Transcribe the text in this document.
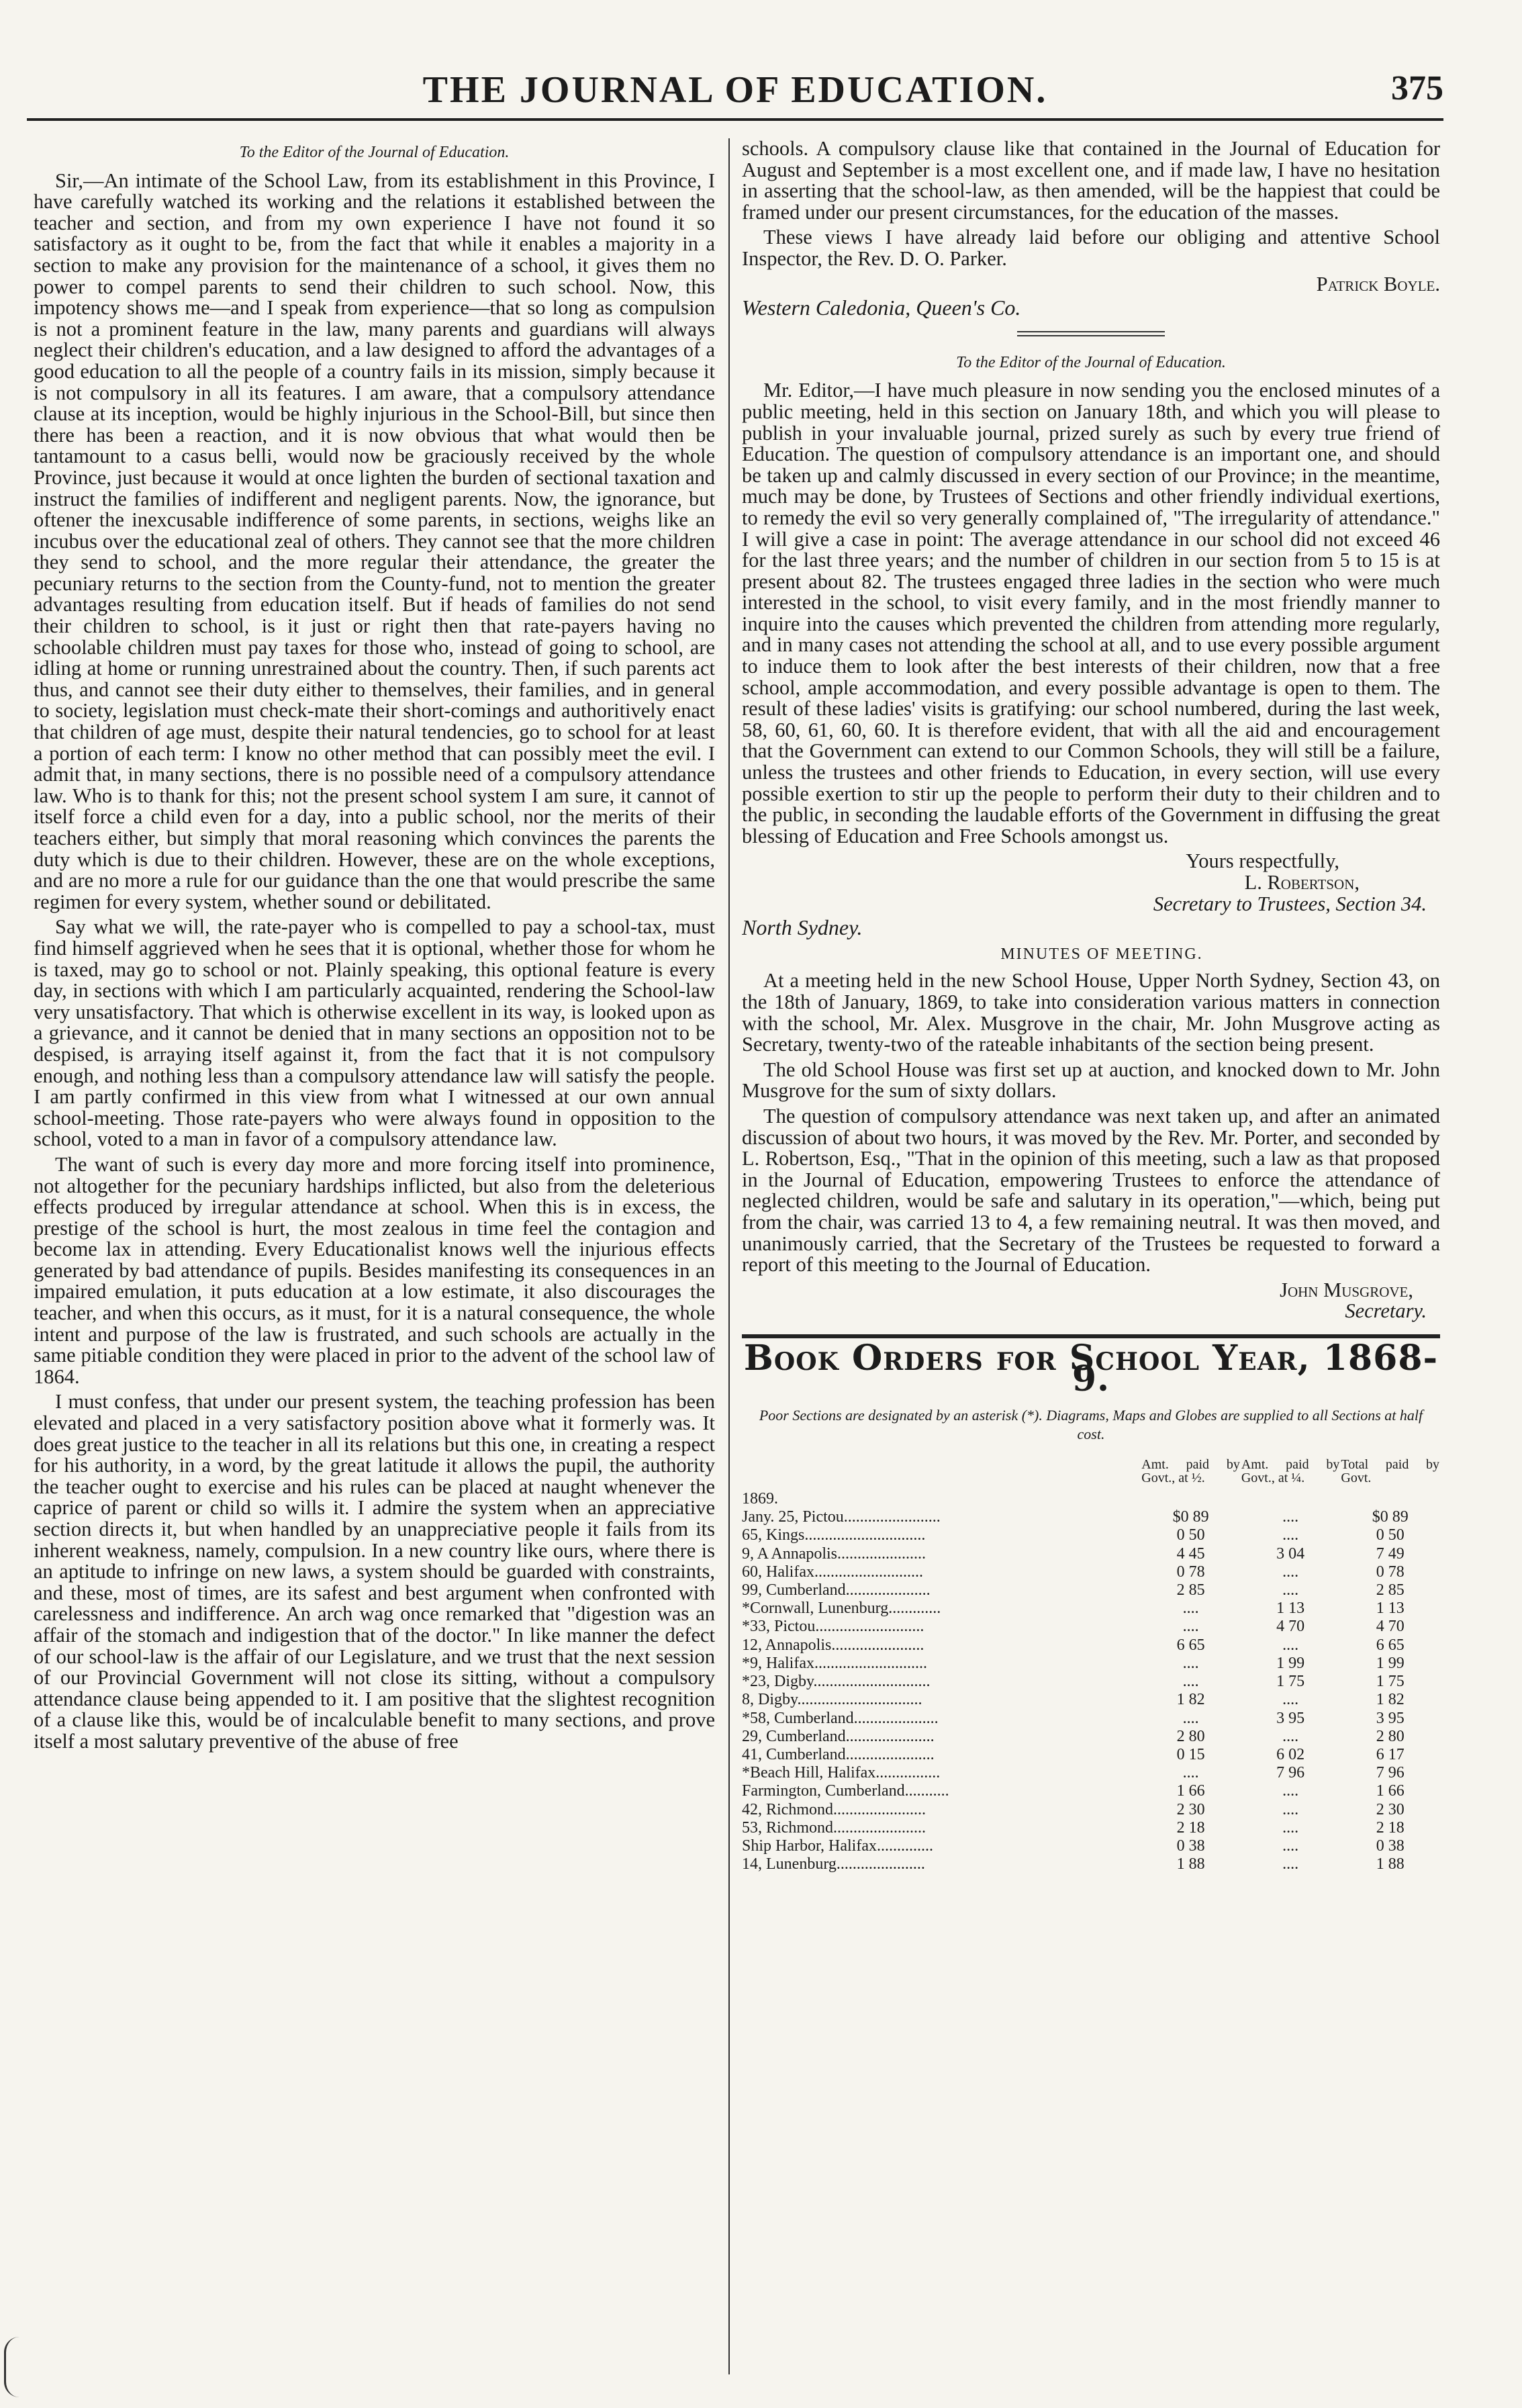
THE JOURNAL OF EDUCATION.	375

To the Editor of the Journal of Education.

Sir,—An intimate of the School Law, from its establishment in this Province, I have carefully watched its working and the relations it established between the teacher and section, and from my own experience I have not found it so satisfactory as it ought to be, from the fact that while it enables a majority in a section to make any provision for the maintenance of a school, it gives them no power to compel parents to send their children to such school. Now, this impotency shows me—and I speak from experience—that so long as compulsion is not a prominent feature in the law, many parents and guardians will always neglect their children's education, and a law designed to afford the advantages of a good education to all the people of a country fails in its mission, simply because it is not compulsory in all its features. I am aware, that a compulsory attendance clause at its inception, would be highly injurious in the School-Bill, but since then there has been a reaction, and it is now obvious that what would then be tantamount to a casus belli, would now be graciously received by the whole Province, just because it would at once lighten the burden of sectional taxation and instruct the families of indifferent and negligent parents. Now, the ignorance, but oftener the inexcusable indifference of some parents, in sections, weighs like an incubus over the educational zeal of others. They cannot see that the more children they send to school, and the more regular their attendance, the greater the pecuniary returns to the section from the County-fund, not to mention the greater advantages resulting from education itself. But if heads of families do not send their children to school, is it just or right then that rate-payers having no schoolable children must pay taxes for those who, instead of going to school, are idling at home or running unrestrained about the country. Then, if such parents act thus, and cannot see their duty either to themselves, their families, and in general to society, legislation must check-mate their short-comings and authoritively enact that children of age must, despite their natural tendencies, go to school for at least a portion of each term: I know no other method that can possibly meet the evil. I admit that, in many sections, there is no possible need of a compulsory attendance law. Who is to thank for this; not the present school system I am sure, it cannot of itself force a child even for a day, into a public school, nor the merits of their teachers either, but simply that moral reasoning which convinces the parents the duty which is due to their children. However, these are on the whole exceptions, and are no more a rule for our guidance than the one that would prescribe the same regimen for every system, whether sound or debilitated.

Say what we will, the rate-payer who is compelled to pay a school-tax, must find himself aggrieved when he sees that it is optional, whether those for whom he is taxed, may go to school or not. Plainly speaking, this optional feature is every day, in sections with which I am particularly acquainted, rendering the School-law very unsatisfactory. That which is otherwise excellent in its way, is looked upon as a grievance, and it cannot be denied that in many sections an opposition not to be despised, is arraying itself against it, from the fact that it is not compulsory enough, and nothing less than a compulsory attendance law will satisfy the people. I am partly confirmed in this view from what I witnessed at our own annual school-meeting. Those rate-payers who were always found in opposition to the school, voted to a man in favor of a compulsory attendance law.

The want of such is every day more and more forcing itself into prominence, not altogether for the pecuniary hardships inflicted, but also from the deleterious effects produced by irregular attendance at school. When this is in excess, the prestige of the school is hurt, the most zealous in time feel the contagion and become lax in attending. Every Educationalist knows well the injurious effects generated by bad attendance of pupils. Besides manifesting its consequences in an impaired emulation, it puts education at a low estimate, it also discourages the teacher, and when this occurs, as it must, for it is a natural consequence, the whole intent and purpose of the law is frustrated, and such schools are actually in the same pitiable condition they were placed in prior to the advent of the school law of 1864.

I must confess, that under our present system, the teaching profession has been elevated and placed in a very satisfactory position above what it formerly was. It does great justice to the teacher in all its relations but this one, in creating a respect for his authority, in a word, by the great latitude it allows the pupil, the authority the teacher ought to exercise and his rules can be placed at naught whenever the caprice of parent or child so wills it. I admire the system when an appreciative section directs it, but when handled by an unappreciative people it fails from its inherent weakness, namely, compulsion. In a new country like ours, where there is an aptitude to infringe on new laws, a system should be guarded with constraints, and these, most of times, are its safest and best argument when confronted with carelessness and indifference. An arch wag once remarked that "digestion was an affair of the stomach and indigestion that of the doctor." In like manner the defect of our school-law is the affair of our Legislature, and we trust that the next session of our Provincial Government will not close its sitting, without a compulsory attendance clause being appended to it. I am positive that the slightest recognition of a clause like this, would be of incalculable benefit to many sections, and prove itself a most salutary preventive of the abuse of free

schools. A compulsory clause like that contained in the Journal of Education for August and September is a most excellent one, and if made law, I have no hesitation in asserting that the school-law, as then amended, will be the happiest that could be framed under our present circumstances, for the education of the masses.

These views I have already laid before our obliging and attentive School Inspector, the Rev. D. O. Parker.

Patrick Boyle.

Western Caledonia, Queen's Co.

To the Editor of the Journal of Education.

Mr. Editor,—I have much pleasure in now sending you the enclosed minutes of a public meeting, held in this section on January 18th, and which you will please to publish in your invaluable journal, prized surely as such by every true friend of Education. The question of compulsory attendance is an important one, and should be taken up and calmly discussed in every section of our Province; in the meantime, much may be done, by Trustees of Sections and other friendly individual exertions, to remedy the evil so very generally complained of, "The irregularity of attendance." I will give a case in point: The average attendance in our school did not exceed 46 for the last three years; and the number of children in our section from 5 to 15 is at present about 82. The trustees engaged three ladies in the section who were much interested in the school, to visit every family, and in the most friendly manner to inquire into the causes which prevented the children from attending more regularly, and in many cases not attending the school at all, and to use every possible argument to induce them to look after the best interests of their children, now that a free school, ample accommodation, and every possible advantage is open to them. The result of these ladies' visits is gratifying: our school numbered, during the last week, 58, 60, 61, 60, 60. It is therefore evident, that with all the aid and encouragement that the Government can extend to our Common Schools, they will still be a failure, unless the trustees and other friends to Education, in every section, will use every possible exertion to stir up the people to perform their duty to their children and to the public, in seconding the laudable efforts of the Government in diffusing the great blessing of Education and Free Schools amongst us.

Yours respectfully,

L. Robertson,

Secretary to Trustees, Section 34.

North Sydney.

MINUTES OF MEETING.

At a meeting held in the new School House, Upper North Sydney, Section 43, on the 18th of January, 1869, to take into consideration various matters in connection with the school, Mr. Alex. Musgrove in the chair, Mr. John Musgrove acting as Secretary, twenty-two of the rateable inhabitants of the section being present.

The old School House was first set up at auction, and knocked down to Mr. John Musgrove for the sum of sixty dollars.

The question of compulsory attendance was next taken up, and after an animated discussion of about two hours, it was moved by the Rev. Mr. Porter, and seconded by L. Robertson, Esq., "That in the opinion of this meeting, such a law as that proposed in the Journal of Education, empowering Trustees to enforce the attendance of neglected children, would be safe and salutary in its operation,"—which, being put from the chair, was carried 13 to 4, a few remaining neutral. It was then moved, and unanimously carried, that the Secretary of the Trustees be requested to forward a report of this meeting to the Journal of Education.

John Musgrove,

Secretary.

Book Orders for School Year, 1868-9.

Poor Sections are designated by an asterisk (*). Diagrams, Maps and Globes are supplied to all Sections at half cost.

	Amt. paid by Govt., at ½.	Amt. paid by Govt., at ¼.	Total paid by Govt.
1869.			
Jany. 25, Pictou........................	$0 89	....	$0 89
65, Kings..............................	0 50	....	0 50
9, A Annapolis......................	4 45	3 04	7 49
60, Halifax...........................	0 78	....	0 78
99, Cumberland.....................	2 85	....	2 85
*Cornwall, Lunenburg.............	....	1 13	1 13
*33, Pictou...........................	....	4 70	4 70
12, Annapolis.......................	6 65	....	6 65
*9, Halifax............................	....	1 99	1 99
*23, Digby.............................	....	1 75	1 75
8, Digby...............................	1 82	....	1 82
*58, Cumberland.....................	....	3 95	3 95
29, Cumberland......................	2 80	....	2 80
41, Cumberland......................	0 15	6 02	6 17
*Beach Hill, Halifax................	....	7 96	7 96
Farmington, Cumberland...........	1 66	....	1 66
42, Richmond.......................	2 30	....	2 30
53, Richmond.......................	2 18	....	2 18
Ship Harbor, Halifax..............	0 38	....	0 38
14, Lunenburg......................	1 88	....	1 88
